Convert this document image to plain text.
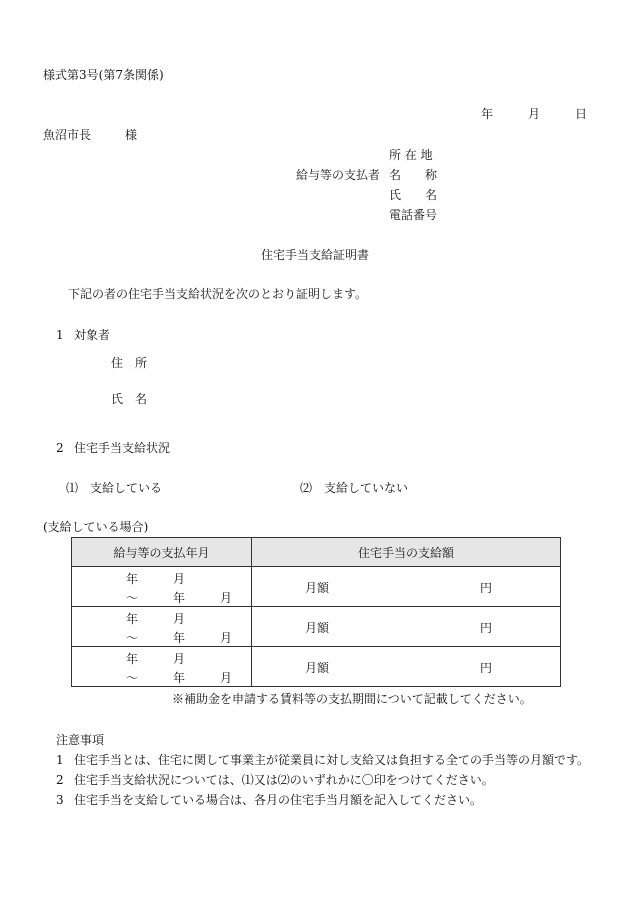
様式第3号(第7条関係)
年	月	日
魚沼市長	様
給与等の支払者
所 在 地
名　　称
氏　　名
電話番号
住宅手当支給証明書
下記の者の住宅手当支給状況を次のとおり証明します。
1 対象者
住　所
氏　名
2 住宅手当支給状況
⑴　支給している	⑵　支給していない
(支給している場合)
給与等の支払年月	住宅手当の支給額

年 月
～ 年 月	月額 円

年 月
～ 年 月	月額 円

年 月
～ 年 月	月額 円
※補助金を申請する賃料等の支払期間について記載してください。
注意事項
1 住宅手当とは、住宅に関して事業主が従業員に対し支給又は負担する全ての手当等の月額です。
2 住宅手当支給状況については、⑴又は⑵のいずれかに〇印をつけてください。
3 住宅手当を支給している場合は、各月の住宅手当月額を記入してください。
